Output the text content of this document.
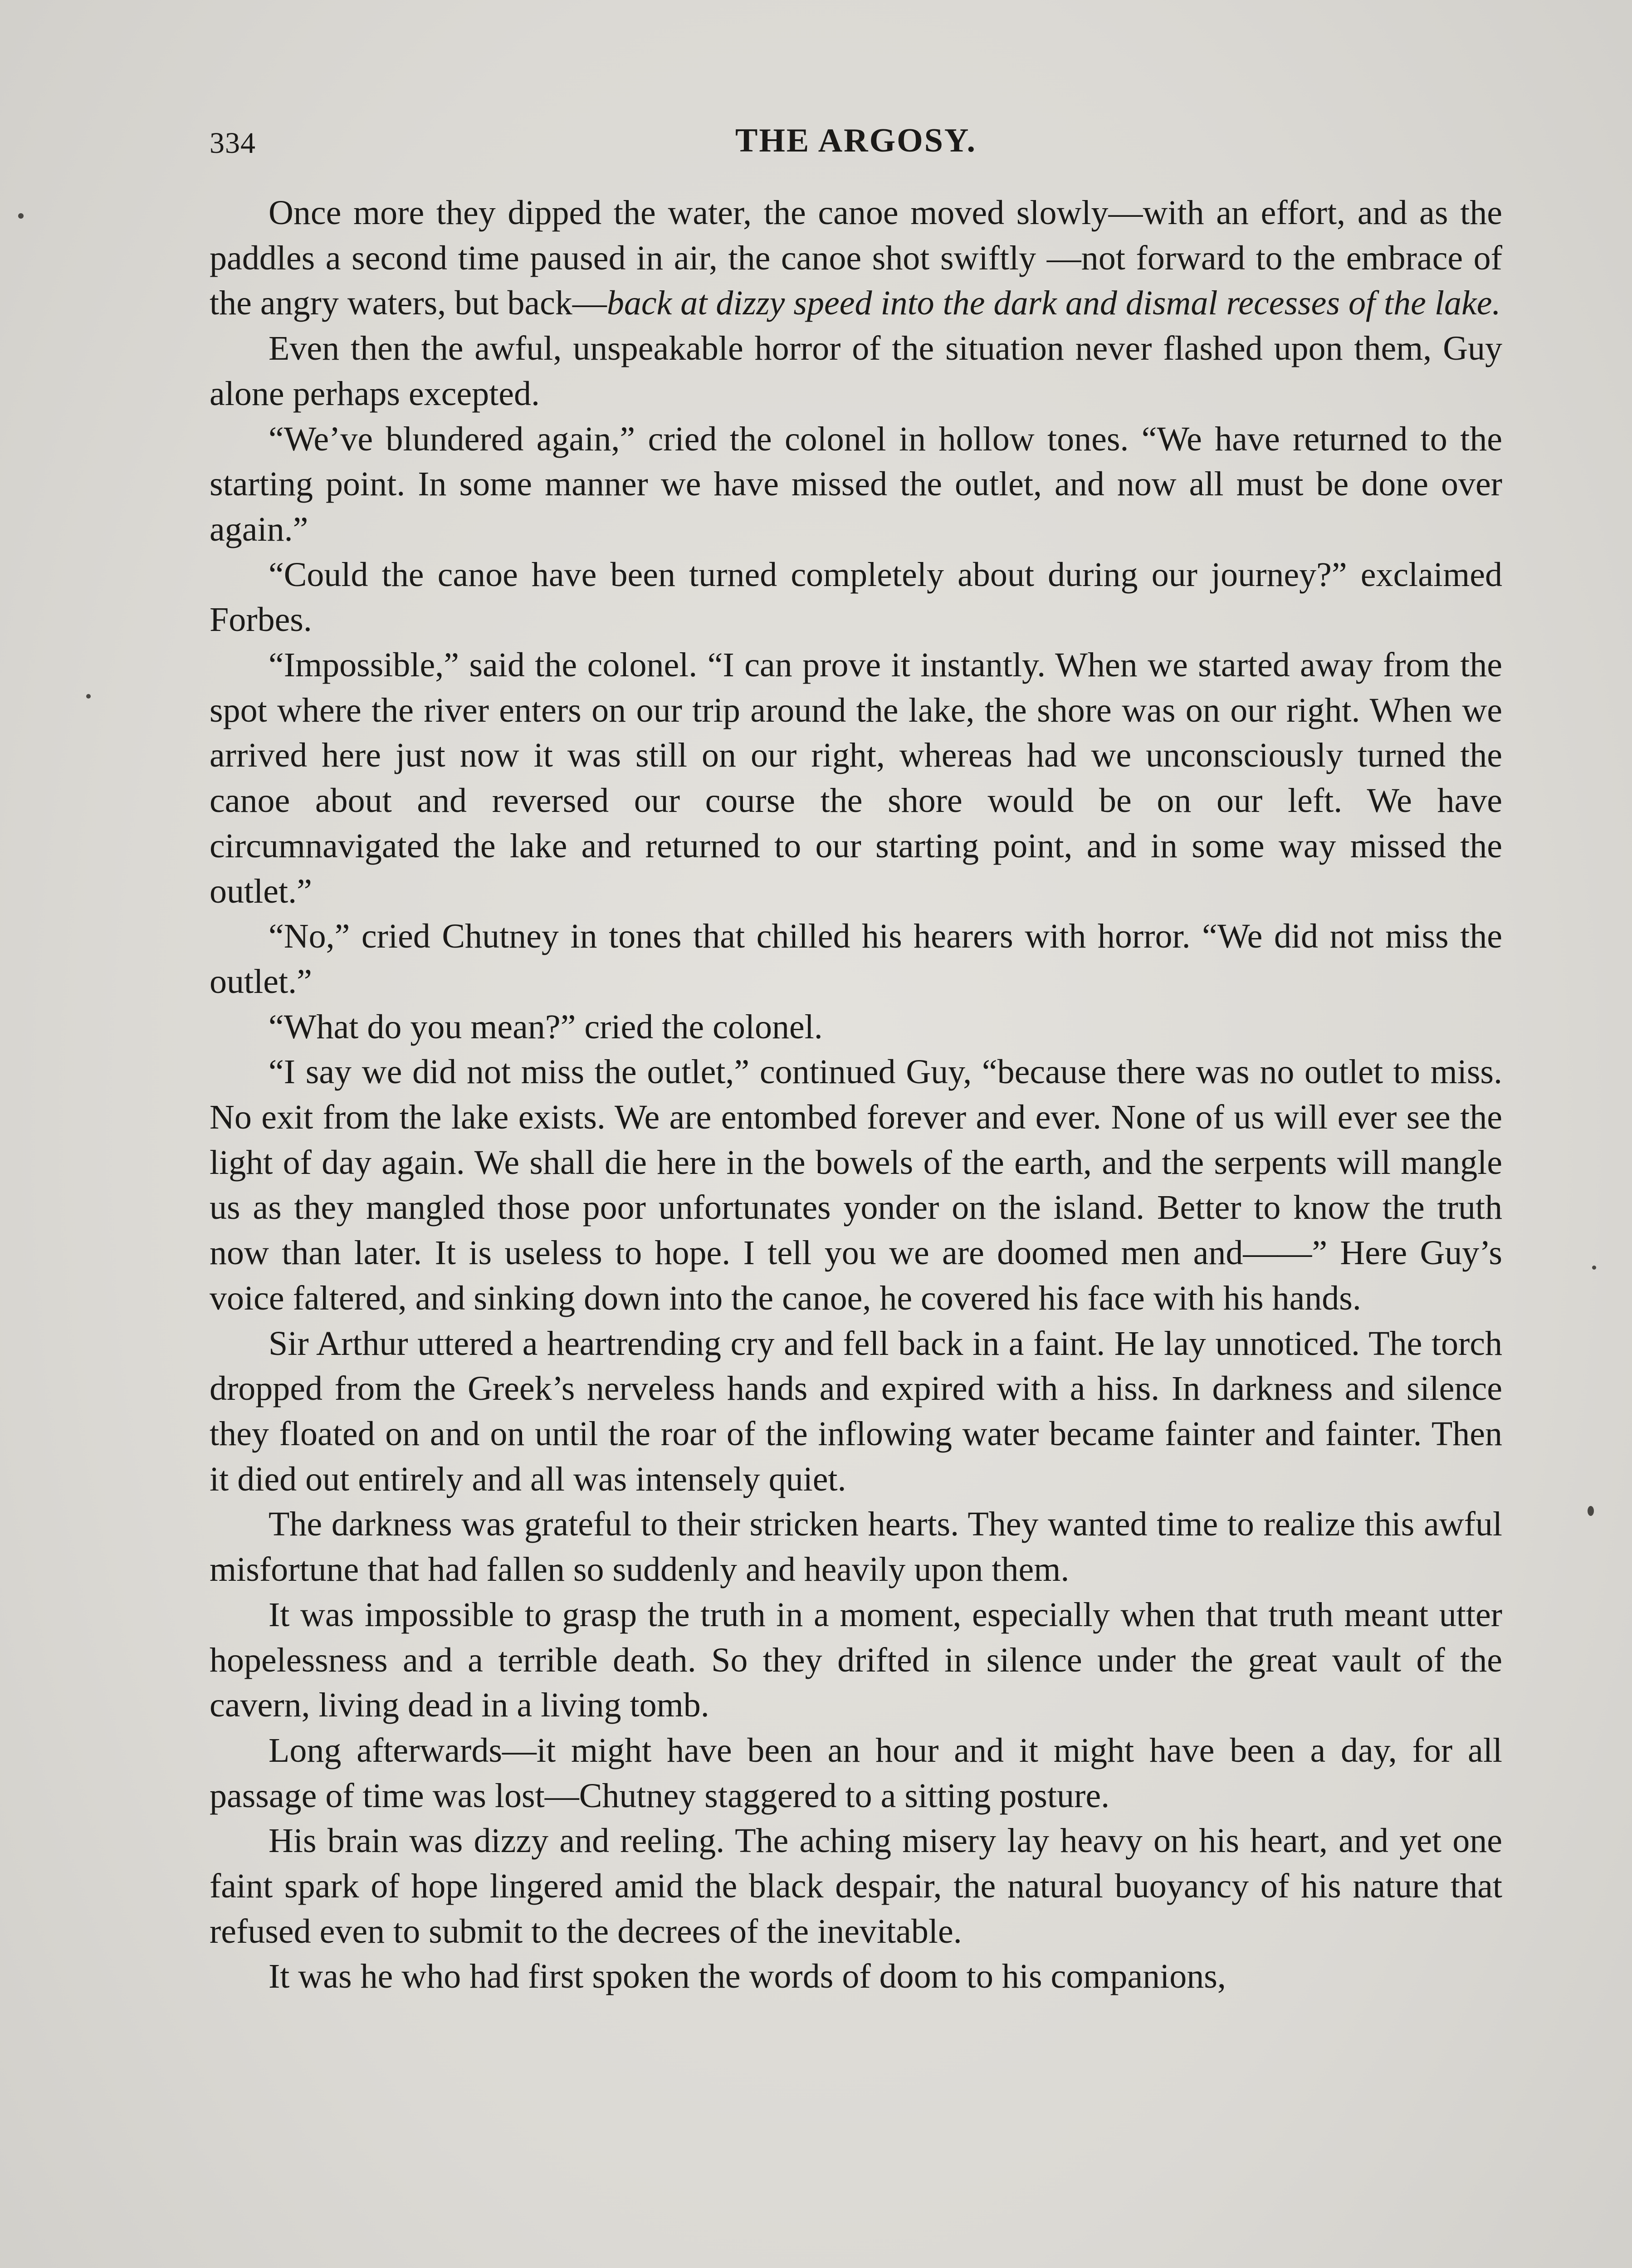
334	THE ARGOSY.

Once more they dipped the water, the canoe moved slowly—with an effort, and as the paddles a second time paused in air, the canoe shot swiftly —not forward to the embrace of the angry waters, but back—back at dizzy speed into the dark and dismal recesses of the lake.

Even then the awful, unspeakable horror of the situation never flashed upon them, Guy alone perhaps excepted.

“We’ve blundered again,” cried the colonel in hollow tones. “We have returned to the starting point. In some manner we have missed the outlet, and now all must be done over again.”

“Could the canoe have been turned completely about during our journey?” exclaimed Forbes.

“Impossible,” said the colonel. “I can prove it instantly. When we started away from the spot where the river enters on our trip around the lake, the shore was on our right. When we arrived here just now it was still on our right, whereas had we unconsciously turned the canoe about and reversed our course the shore would be on our left. We have circumnavigated the lake and returned to our starting point, and in some way missed the outlet.”

“No,” cried Chutney in tones that chilled his hearers with horror. “We did not miss the outlet.”

“What do you mean?” cried the colonel.

“I say we did not miss the outlet,” continued Guy, “because there was no outlet to miss. No exit from the lake exists. We are entombed forever and ever. None of us will ever see the light of day again. We shall die here in the bowels of the earth, and the serpents will mangle us as they mangled those poor unfortunates yonder on the island. Better to know the truth now than later. It is useless to hope. I tell you we are doomed men and——” Here Guy’s voice faltered, and sinking down into the canoe, he covered his face with his hands.

Sir Arthur uttered a heartrending cry and fell back in a faint. He lay unnoticed. The torch dropped from the Greek’s nerveless hands and expired with a hiss. In darkness and silence they floated on and on until the roar of the inflowing water became fainter and fainter. Then it died out entirely and all was intensely quiet.

The darkness was grateful to their stricken hearts. They wanted time to realize this awful misfortune that had fallen so suddenly and heavily upon them.

It was impossible to grasp the truth in a moment, especially when that truth meant utter hopelessness and a terrible death. So they drifted in silence under the great vault of the cavern, living dead in a living tomb.

Long afterwards—it might have been an hour and it might have been a day, for all passage of time was lost—Chutney staggered to a sitting posture.

His brain was dizzy and reeling. The aching misery lay heavy on his heart, and yet one faint spark of hope lingered amid the black despair, the natural buoyancy of his nature that refused even to submit to the decrees of the inevitable.

It was he who had first spoken the words of doom to his companions,
